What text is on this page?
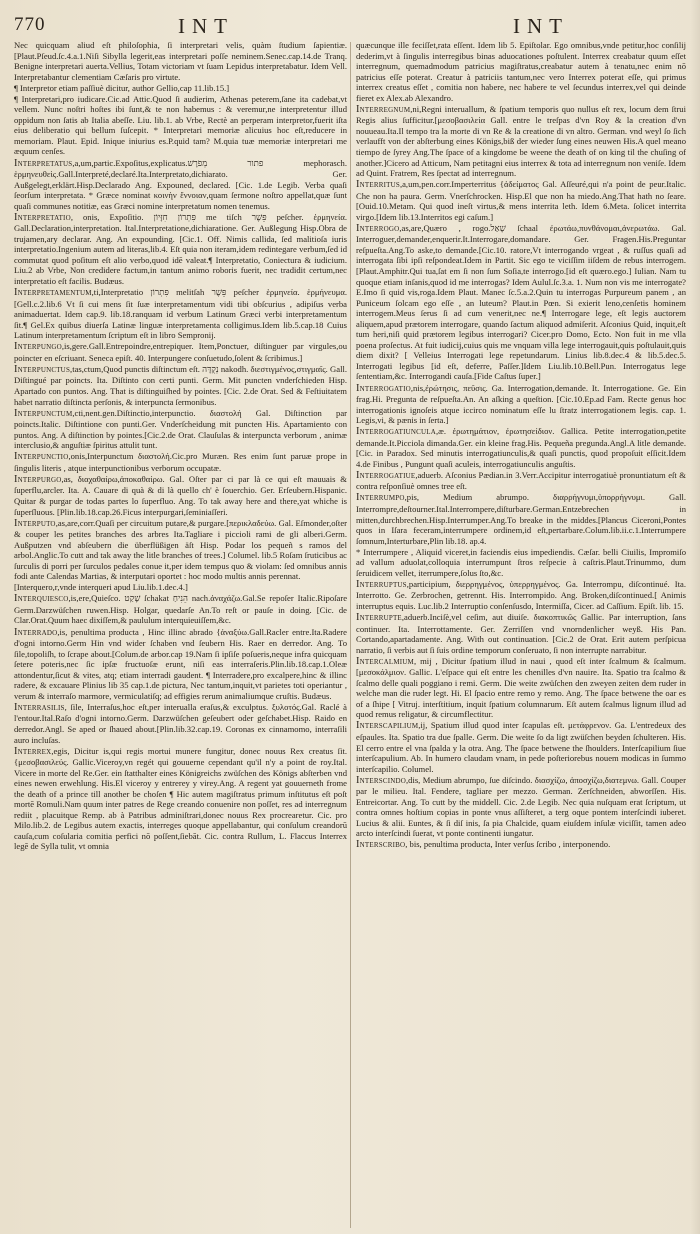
770	INT	INT

Nec quicquam aliud eſt philoſophia, ſi interpretari velis, quàm ſtudium ſapientiæ.[Plaut.Pſeud.ſc.4.a.1.Niſi Sibylla legerit,eas interpretari poſſe neminem.Senec.cap.14.de Tranq. Benigne interpretari auerta.Vellius, Totam victoriam vt ſuam Lepidus interpretabatur. Idem Vell. Interpretabantur clementiam Cæſaris pro virtute.

¶ Interpretor etiam paſſiuè dicitur, author Gellio,cap 11.lib.15.]

¶ Interpretari,pro iudicare.Cic.ad Attic.Quod ſi audierim, Athenas peterem,ſane ita cadebat,vt vellem. Nunc noſtri hoſtes ibi ſunt,& te non habemus : & veremur,ne interpretentur illud oppidum non ſatis ab Italia abeſſe. Liu. lib.1. ab Vrbe, Rectè an perperam interpretor,fuerit iſta eius deliberatio qui bellum ſuſcepit. * Interpretari memoriæ alicuius hoc eſt,reducere in memoriam. Plaut. Epid. Inique iniurius es.P.quid tam? M.quia tuæ memoriæ interpretari me æquum cenſes.

Interpretatus,a,um,partic.Expoſitus,explicatus.פתור מְפֹרָשׁ mephorasch. ἑρμηνευθεὶς.Gall.Interpreté,declaré.Ita.Interpretato,dichiarato. Ger. Außgelegt,erklärt.Hisp.Declarado Ang. Expouned, declared. [Cic. 1.de Legib. Verba quaſi ſeorſum interpretata. * Græce nominat κοινὴν ἔννοιαν,quam ſermone noſtro appellat,quæ ſunt quaſi communes notitiæ, eas Græci nomine interpretatum nomen tenemus.

Interpretatio, onis, Expoſitio. פִּתְרוֹן חִזָּיוֹן me tiſch פֵּשֶׁר peſcher. ἑρμηνεία. Gall.Declaration,interpretation. Ital.Interpretatione,dichiaratione. Ger. Außlegung Hisp.Obra de trujamen,ary declarar. Ang. An expounding. [Cic.1. Off. Nimis callida, ſed malitioſa iuris interpretatio.Ingenium autem ad literas,lib.4. Eſt quia non iteram,idem redintegare verbum,ſed id commutat quod poſitum eſt alio verbo,quod idē valeat.¶ Interpretatio, Coniectura & iudicium. Liu.2 ab Vrbe, Non credidere factum,in tantum animo roboris fuerit, nec tradidit certum,nec interpretatio eſt facilis. Budæus.

Interpretamentum,ti,Interpretatio פִּתְרוֹן melitſah פֵּשֶׁר peſcher ἑρμηνεία. ἑρμήνευμα. [Gell.c.2.lib.6 Vt ſi cui mens ſit ſuæ interpretamentum vidi tibi obſcurius , adipiſus verba animaduertat. Idem cap.9. lib.18.ranquam id verbum Latinum Græci verbi interpretamentum ſit.¶ Gel.Ex quibus diuerſa Latinæ linguæ interpretamenta colligimus.Idem lib.5.cap.18 Cuius Latinum interpretamentum ſcriptum eſt in libro Sempronij.

Interpungo,is,gere.Gall.Entrepoindre,entrepiquer. Item,Ponctuer, diſtinguer par virgules,ou poincter en eſcriuant. Seneca epiſt. 40. Interpungere conſuetudo,ſolent & ſcribimus.]

Interpunctus,tas,ctum,Quod punctis diſtinctum eſt. נְקֻדָּה nakodh. διεστιγμένος,στιγμαῖς. Gall. Diſtingué par poincts. Ita. Diſtinto con certi punti. Germ. Mit puncten vnderſchieden Hisp. Apartado con puntos. Ang. That is diſtinguiſhed by pointes. [Cic. 2.de Orat. Sed & Feſtiuitatem habet narratio diſtincta perſonis, & interpuncta ſermonibus.

Interpunctum,cti,nent.gen.Diſtinctio,interpunctio. διαστολή Gal. Diſtinction par poincts.Italic. Diſtintione con punti.Ger. Vnderſcheidung mit puncten His. Apartamiento con puntos. Ang. A diſtinction by pointes.[Cic.2.de Orat. Clauſulas & interpuncta verborum , animæ interclusio,& anguſtiæ ſpiritus attulit tunt.

Interpunctio,onis,Interpunctum διαστολή.Cic.pro Muræn. Res enim ſunt paruæ prope in ſingulis literis , atque interpunctionibus verborum occupatæ.

Interpurgo,as, διαχαθαίρω,ἀποκαθαίρω. Gal. Oſter par ci par là ce qui eſt mauuais & ſuperflu,arcler. Ita. A. Cauare di quà & di là quello ch' è ſouerchio. Ger. Erſeubern.Hispanic. Quitar & purgar de todas partes lo ſuperfluo. Ang. To tak away here and there,yat whiche is ſuperſluous. [Plin.lib.18.cap.26.Ficus interpurgari,ſeminiaſſeri.

Interputo,as,are,corr.Quaſi per circuitum putare,& purgare.[περικλαδεύω. Gal. Eſmonder,oſter & couper les petites branches des arbres Ita.Tagliare i piccioli rami de gli alberi.Germ. Außputzen vnd abſeubern die überflüßigen äſt Hisp. Podar los pequeñ s ramos del arbol.Anglic.To cutt and tak away the litle branches of trees.] Columel. lib.5 Roſam ſruticibus ac ſurculis di porri per ſurculos pedales conue it,per idem tempus quo & violam: ſed omnibus annis fodi ante Calendas Martias, & interputari oportet : hoc modo multis annis perennat.

[Interquero,r,vnde interqueri apud Liu.lib.1.dec.4.]

Interquiesco,is,ere,Quieſco. שָׁקַט ſchakat הֵנִיחַ nach.ἀναχάζω.Gal.Se repoſer Italic.Ripoſare Germ.Darzwüſchen ruwen.Hisp. Holgar, quedarſe An.To reſt or pauſe in doing. [Cic. de Clar.Orat.Quum haec dixiſſem,& paululum interquieuiſſem,&c.

Interrado,is, penultima producta , Hinc illinc abrado {ἀναξύω.Gall.Racler entre.Ita.Radere d'ogni intorno.Germ Hin vnd wider ſchaben vnd ſeubern His. Raer en derredor. Ang. To ſile,topoliſh, to ſcrape about.[Colum.de arbor.cap 19.Nam ſi ipſiſe poſueris,neque infra quicquam ſetere poteris,nec ſic ipſæ fructuoſæ erunt, niſi eas interraſeris.Plin.lib.18.cap.1.Oleæ attondentur,ſicut & vites, atq; etiam interradi gaudent. ¶ Interradere,pro excalpere,hinc & illinc radere, & excauare Plinius lib 35 cap.1.de pictura, Nec tantum,inquit,vt parietes toti operiantur , verum & interraſo marmore, vermiculatiſq; ad effigies rerum animaliumque cruſtis. Budæus.

Interraſilis, ſile, Interraſus,hoc eſt,per interualla eraſus,& exculptus. ξυλοτός.Gal. Raclé à l'entour.Ital.Raſo d'ogni intorno.Germ. Darzwüſchen geſeubert oder geſchabet.Hisp. Raido en derredor.Angl. Se aped or ſhaued about.[Plin.lib.32.cap.19. Coronas ex cinnamomo, interraſili auro incluſas.

Interrex,egis, Dicitur is,qui regis mortui munere fungitur, donec nouus Rex creatus ſit. {μεσοβασιλεύς. Gallic.Viceroy,vn regét qui gouuerne cependant qu'il n'y a point de roy.Ital. Vicere in morte del Re.Ger. ein ſtatthalter eines Königreichs zwüſchen des Königs abſterben vnd eines newen erwehlung. His.El viceroy y entrerey y virey.Ang. A regent yat gouuerneth frome the death of a prince till another be choſen ¶ Hic autem magiſtratus primum inſtitutus eſt poſt mortē Romuli.Nam quum inter patres de Rege creando conuenire non poſſet, res ad interregnum rediit , placuitque Remp. ab à Patribus adminiſtrari,donec nouus Rex procrearetur. Cic. pro Milo.lib.2. de Legibus autem exactis, interreges quoque appellabantur, qui conſulum creandorū cauſa,cum coſularia comitia perfici nō poſſent,ſiebāt. Cic. contra Rullum, L. Flaccus Interrex legē de Sylla tulit, vt omnia

quæcunque ille feciſſet,rata eſſent. Idem lib 5. Epiſtolar. Ego omnibus,vnde petitur,hoc conſilij dederim,vt à ſingulis interregibus binas aduocationes poſtulent. Interrex creabatur quum eſſet interregnum, quemadmodum patricius magiſtratus,creabatur autem à tenatu,nec enim nō patricius eſſe poterat. Creatur à patriciis tantum,nec vero Interrex poterat eſſe, qui primus interrex creatus eſſet , comitia non habere, nec habere te vel ſecundus interrex,vel qui deinde fieret ex Alex.ab Alexandro.

Interregnum,ni,Regni interuallum, & ſpatium temporis quo nullus eſt rex, locum dem ſtrui Regis alius ſufficitur.[μεσοβασιλεία Gall. entre le treſpas d'vn Roy & la creation d'vn nouueau.Ita.Il tempo tra la morte di vn Re & la creatione di vn altro. German. vnd weyl ſo ſich verlaufft von der abſterbung eines Königs,biß der wieder ſung eines neuwen His.A quel meano tiempo de ſyrey Ang.The ſpace of a kingdome be weene the death of on king til the chuſing of another.]Cicero ad Atticum, Nam petitagni eius interrex & tota ad interregnum non veniſe. Idem ad Quint. Fratrem, Res ſpectat ad interregnum.

Interritus,a,um,pen.corr.Imperterritus {ἀδείματος Gal. Aſſeuré,qui n'a point de peur.Italic. Che non ha paura. Germ. Vnerſchrocken. Hisp.El que non ha miedo.Ang.That hath no ſeare.[Ouid.10.Metam. Qui quod ineſt virtus,& mens interrita leth. Idem 6.Meta. ſolicet interrita virgo.[Idem lib.13.Interritos egi caſum.]

Interrogo,as,are,Quæro , rogo.שָׁאַל ſchaal ἐρωτάω,πυνθάνομαι,ἀνερωτάω. Gal. Interroguer,demander,enquerir.It.Interrogare,domandare. Ger. Fragen.His.Preguntar reſpueſta.Ang.To aske,to demande.[Cic.10. ratore,Vt interrogando vrgeat , & ruſſus quaſi ad interrogata ſibi ipſi reſpondeat.Idem in Partit. Sic ego te viciſſim iiſdem de rebus interrogem.[Plaut.Amphitr.Qui tua,ſat em ſi non ſum Soſia,te interrogo.[id eſt quæro.ego.] Iulian. Nam tu quoque etiam inſanis,quod id me interrogas? Idem Aulul.ſc.3.a. 1. Num non vis me interrogate?E.Imo ſi quid vis,roga.Idem Plaut. Manec ſc.5.a.2.Quin tu interrogas Purpureum panem , an Puniceum ſolcam ego eſſe , an luteum? Plaut.in Pœn. Si exierit leno,cenſetis hominem interrogem.Meus ſerus ſi ad cum venerit,nec ne.¶ Interrogare lege, eſt legis auctorem aliquem,apud prætorem interrogare, quando ſactum aliquod admiſerit. Aſconius Quid, inquit,eſt tum heri,niſi quid prætorem legibus interrogari? Cicer.pro Domo, Ecto. Non fuit in me vlla poena proſectus. At fuit iudicij,cuius quis me vnquam villa lege interrogauit,quis poſtulauit,quis diem dixit? [ Velleius Interrogati lege repetundarum. Linius lib.8.dec.4 & lib.5.dec.5. Interrogati legibus [id eſt, deferre, Paſſer.]Idem Liu.lib.10.Bell.Pun. Interrogatus lege ſententiam,&c. Interrogandi cauſa.[Fide Caſtus ſuper.]

Interrogatio,nis,ἐρώτησις, πεῦσις. Ga. Interrogation,demande. It. Interrogatione. Ge. Ein frag.Hi. Pregunta de reſpueſta.An. An aſking a queſtion. [Cic.10.Ep.ad Fam. Recte genus hoc interrogationis ignoſeis atque iccirco nominatum eſſe lu ſtratz interrogationem legis. cap. 1. Legis,vi, & pænis in ſerta.]

Interrogatiuncula,æ. ἐρωτημάτιον, ἐρωτησείδιον. Gallica. Petite interrogation,petite demande.It.Picciola dimanda.Ger. ein kleine frag.His. Pequeña pregunda.Angl.A litle demande.[Cic. in Paradox. Sed minutis interrogatiunculis,& quaſi punctis, quod propoſuit eſſicit.Idem 4.de Finibus , Pungunt quaſi aculeis, interrogatiunculis anguſtis.

Interrogatiue,aduerb. Aſconius Pædian.in 3.Verr.Accipitur interrogatiuè pronuntiatum eſt & contra reſponſiuè omnes tree eſt.

Interrumpo,pis, Medium abrumpo. διαρρήγνυμι,ὑπορρήγνυμι. Gall. Interrompre,deſtourner.Ital.Interrompere,diſturbare.German.Entzebrechen in mitten,durchbrechen.Hisp.Interrumper.Ang.To breake in the middes.[Plancus Ciceroni,Pontes quos in Iſara feceram,interrumpere ordinem,id eſt,pertarbare.Colum.lib.ii.c.1.Interrumpere ſomnum,Interturbare,Plin lib.18. ap.4.

* Interrumpere , Aliquid viceret,in faciendis eius impediendis. Cæſar. belli Ciuilis, Impromiſo ad vallum aduolat,colloquia interrumpunt ſtros reſpecie à caſtris.Plaut.Trinummo, dum ſeruidicem vellet, iterrumpere,ſolus ſto,&c.

Interruptus,participium, διερρηγμένος, ὑπερρηγμένος. Ga. Interrompu, diſcontinué. Ita. Interrotto. Ge. Zerbrochen, getrennt. His. Interrompido. Ang. Broken,diſcontinued.[ Animis interruptus equis. Luc.lib.2 Interruptio conſenſusdo, Intermiſſa, Cicer. ad Caſſium. Epiſt. lib. 15.

Interrupte,aduerb.Inciſè,vel ceſim, aut diuiſe. διακοπτικῶς Gallic. Par interruption, ſans continuer. Ita. Interrottamente. Ger. Zerriſſen vnd vnorndenlicher weyß. His Pan. Cortando,apartadamente. Ang. With out continuation. [Cic.2 de Orat. Erit autem perſpicua narratio, ſi verbis aut ſi ſuis ordine temporum conſeruato, ſi non interrupte narrabitur.

Intercalmium, mij , Dicitur ſpatium illud in naui , quod eſt inter ſcalmum & ſcalmum. [μεσοκάλμιον. Gallic. L'eſpace qui eſt entre les chenilles d'vn nauire. Ita. Spatio tra ſcalmo & ſcalmo delle quali poggiano i remi. Germ. Die weite zwüſchen den zweyen zeiten dem ruder in welche man die ruder legt. Hi. El ſpacio entre remo y remo. Ang. The ſpace betwene the oar es of a ſhipe [ Vitruj. interſtitium, inquit ſpatium columnarum. Eſt autem ſcalmus lignum illud ad quod remus religatur, & circumflectitur.

Interſcapilium,ij, Spatium illud quod inter ſcapulas eſt. μετάφρενον. Ga. L'entredeux des eſpaules. Ita. Spatio tra due ſpalle. Germ. Die weite ſo da ligt zwüſchen beyden ſchulteren. His. El cerro entre el vna ſpalda y la otra. Ang. The ſpace betwene the ſhoulders. Interſcapilium ſiue interſcapulium. Ab. In humero claudam vnam, in pede poſteriorebus nouem modicas in ſummo interſcapilio. Columel.

Interſcindo,dis, Medium abrumpo, ſue diſcindo. διασχίζω, ἀποσχίζω,διατεμνω. Gall. Couper par le milieu. Ital. Fendere, tagliare per mezzo. German. Zerſchneiden, abworſſen. His. Entreicortar. Ang. To cutt by the middell. Cic. 2.de Legib. Nec quia nuſquam erat ſcriptum, ut contra omnes hoſtium copias in ponte vnus aſſiſteret, a terg oque pontem interſcindi iuberet. Lucius & alii. Euntes, & ſi diſ inis, ſa pia Chalcide, quam eiuſdem inſulæ viciſſit, tamen adeo arcto interſcindi ſuerat, vt ponte continenti iungatur.

Interſcribo, bis, penultima producta, Inter verſus ſcribo , interponendo.
